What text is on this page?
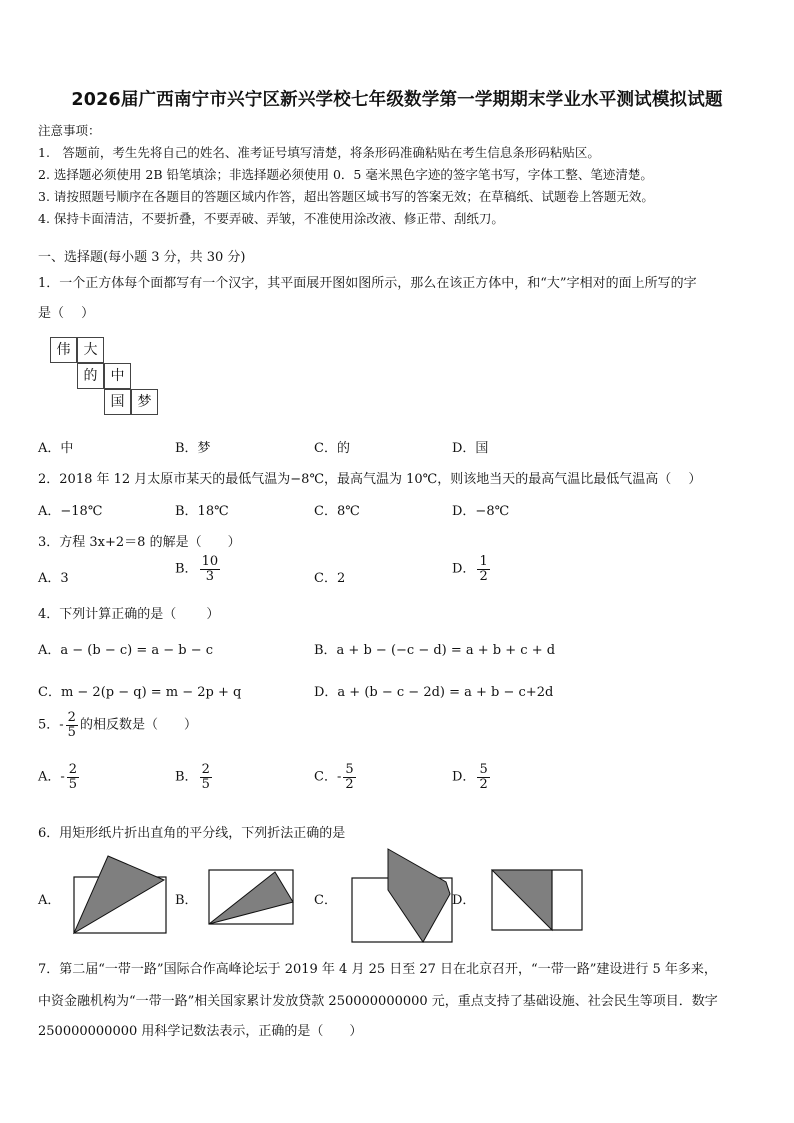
2026届广西南宁市兴宁区新兴学校七年级数学第一学期期末学业水平测试模拟试题
注意事项：
1.　答题前，考生先将自己的姓名、准考证号填写清楚，将条形码准确粘贴在考生信息条形码粘贴区。
2. 选择题必须使用 2B 铅笔填涂；非选择题必须使用 0．5 毫米黑色字迹的签字笔书写，字体工整、笔迹清楚。
3. 请按照题号顺序在各题目的答题区域内作答，超出答题区域书写的答案无效；在草稿纸、试题卷上答题无效。
4. 保持卡面清洁，不要折叠，不要弄破、弄皱，不准使用涂改液、修正带、刮纸刀。
一、选择题(每小题 3 分，共 30 分)
1．一个正方体每个面都写有一个汉字，其平面展开图如图所示，那么在该正方体中，和“大”字相对的面上所写的字
是（　 ）
伟 大
的 中
国 梦
A．中	B．梦	C．的	D．国
2．2018 年 12 月太原市某天的最低气温为−8℃，最高气温为 10℃，则该地当天的最高气温比最低气温高（　 ）
A．−18℃	B．18℃	C．8℃	D．−8℃
3．方程 3x+2＝8 的解是（　　）
A．3
B． $\frac{10}{3}$	C．2
D． $\frac{1}{2}$
4．下列计算正确的是（　　 ）
A．a − (b − c) = a − b − c	B．a + b − (−c − d) = a + b + c + d
C．m − 2(p − q) = m − 2p + q	D．a + (b − c − 2d) = a + b − c+2d
5．- $\frac{2}{5}$ 的相反数是（　　）
A．- $\frac{2}{5}$	B． $\frac{2}{5}$	C．- $\frac{5}{2}$	D． $\frac{5}{2}$
6．用矩形纸片折出直角的平分线，下列折法正确的是
A．	B．	C．	D．
7．第二届“一带一路”国际合作高峰论坛于 2019 年 4 月 25 日至 27 日在北京召开，“一带一路”建设进行 5 年多来，
中资金融机构为“一带一路”相关国家累计发放贷款 250000000000 元，重点支持了基础设施、社会民生等项目．数字
250000000000 用科学记数法表示，正确的是（　　）
